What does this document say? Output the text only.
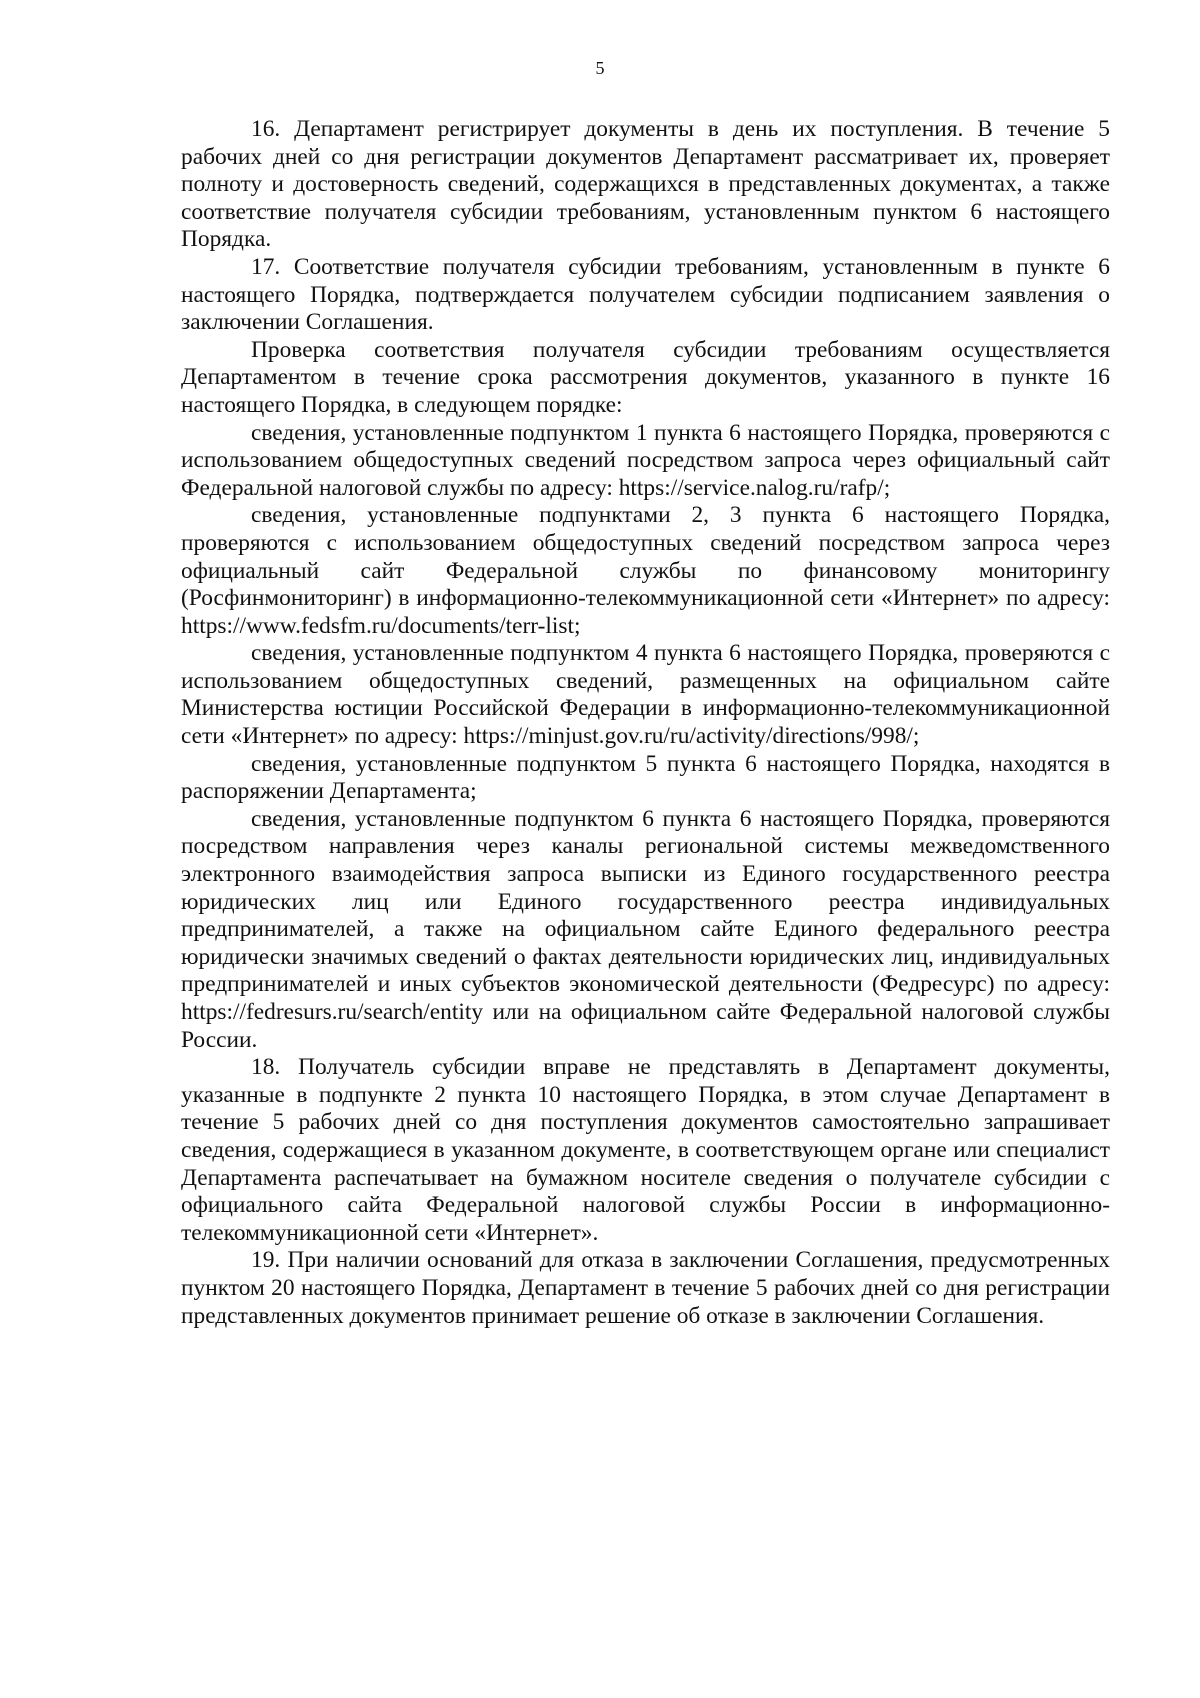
5

16. Департамент регистрирует документы в день их поступления. В течение 5 рабочих дней со дня регистрации документов Департамент рассматривает их, проверяет полноту и достоверность сведений, содержащихся в представленных документах, а также соответствие получателя субсидии требованиям, установленным пунктом 6 настоящего Порядка.

17. Соответствие получателя субсидии требованиям, установленным в пункте 6 настоящего Порядка, подтверждается получателем субсидии подписанием заявления о заключении Соглашения.

Проверка соответствия получателя субсидии требованиям осуществляется Департаментом в течение срока рассмотрения документов, указанного в пункте 16 настоящего Порядка, в следующем порядке:

сведения, установленные подпунктом 1 пункта 6 настоящего Порядка, проверяются с использованием общедоступных сведений посредством запроса через официальный сайт Федеральной налоговой службы по адресу: https://service.nalog.ru/rafp/;

сведения, установленные подпунктами 2, 3 пункта 6 настоящего Порядка, проверяются с использованием общедоступных сведений посредством запроса через официальный сайт Федеральной службы по финансовому мониторингу (Росфинмониторинг) в информационно-телекоммуникационной сети «Интернет» по адресу: https://www.fedsfm.ru/documents/terr-list;

сведения, установленные подпунктом 4 пункта 6 настоящего Порядка, проверяются с использованием общедоступных сведений, размещенных на официальном сайте Министерства юстиции Российской Федерации в информационно-телекоммуникационной сети «Интернет» по адресу: https://minjust.gov.ru/ru/activity/directions/998/;

сведения, установленные подпунктом 5 пункта 6 настоящего Порядка, находятся в распоряжении Департамента;

сведения, установленные подпунктом 6 пункта 6 настоящего Порядка, проверяются посредством направления через каналы региональной системы межведомственного электронного взаимодействия запроса выписки из Единого государственного реестра юридических лиц или Единого государственного реестра индивидуальных предпринимателей, а также на официальном сайте Единого федерального реестра юридически значимых сведений о фактах деятельности юридических лиц, индивидуальных предпринимателей и иных субъектов экономической деятельности (Федресурс) по адресу: https://fedresurs.ru/search/entity или на официальном сайте Федеральной налоговой службы России.

18. Получатель субсидии вправе не представлять в Департамент документы, указанные в подпункте 2 пункта 10 настоящего Порядка, в этом случае Департамент в течение 5 рабочих дней со дня поступления документов самостоятельно запрашивает сведения, содержащиеся в указанном документе, в соответствующем органе или специалист Департамента распечатывает на бумажном носителе сведения о получателе субсидии с официального сайта Федеральной налоговой службы России в информационно-телекоммуникационной сети «Интернет».

19. При наличии оснований для отказа в заключении Соглашения, предусмотренных пунктом 20 настоящего Порядка, Департамент в течение 5 рабочих дней со дня регистрации представленных документов принимает решение об отказе в заключении Соглашения.
